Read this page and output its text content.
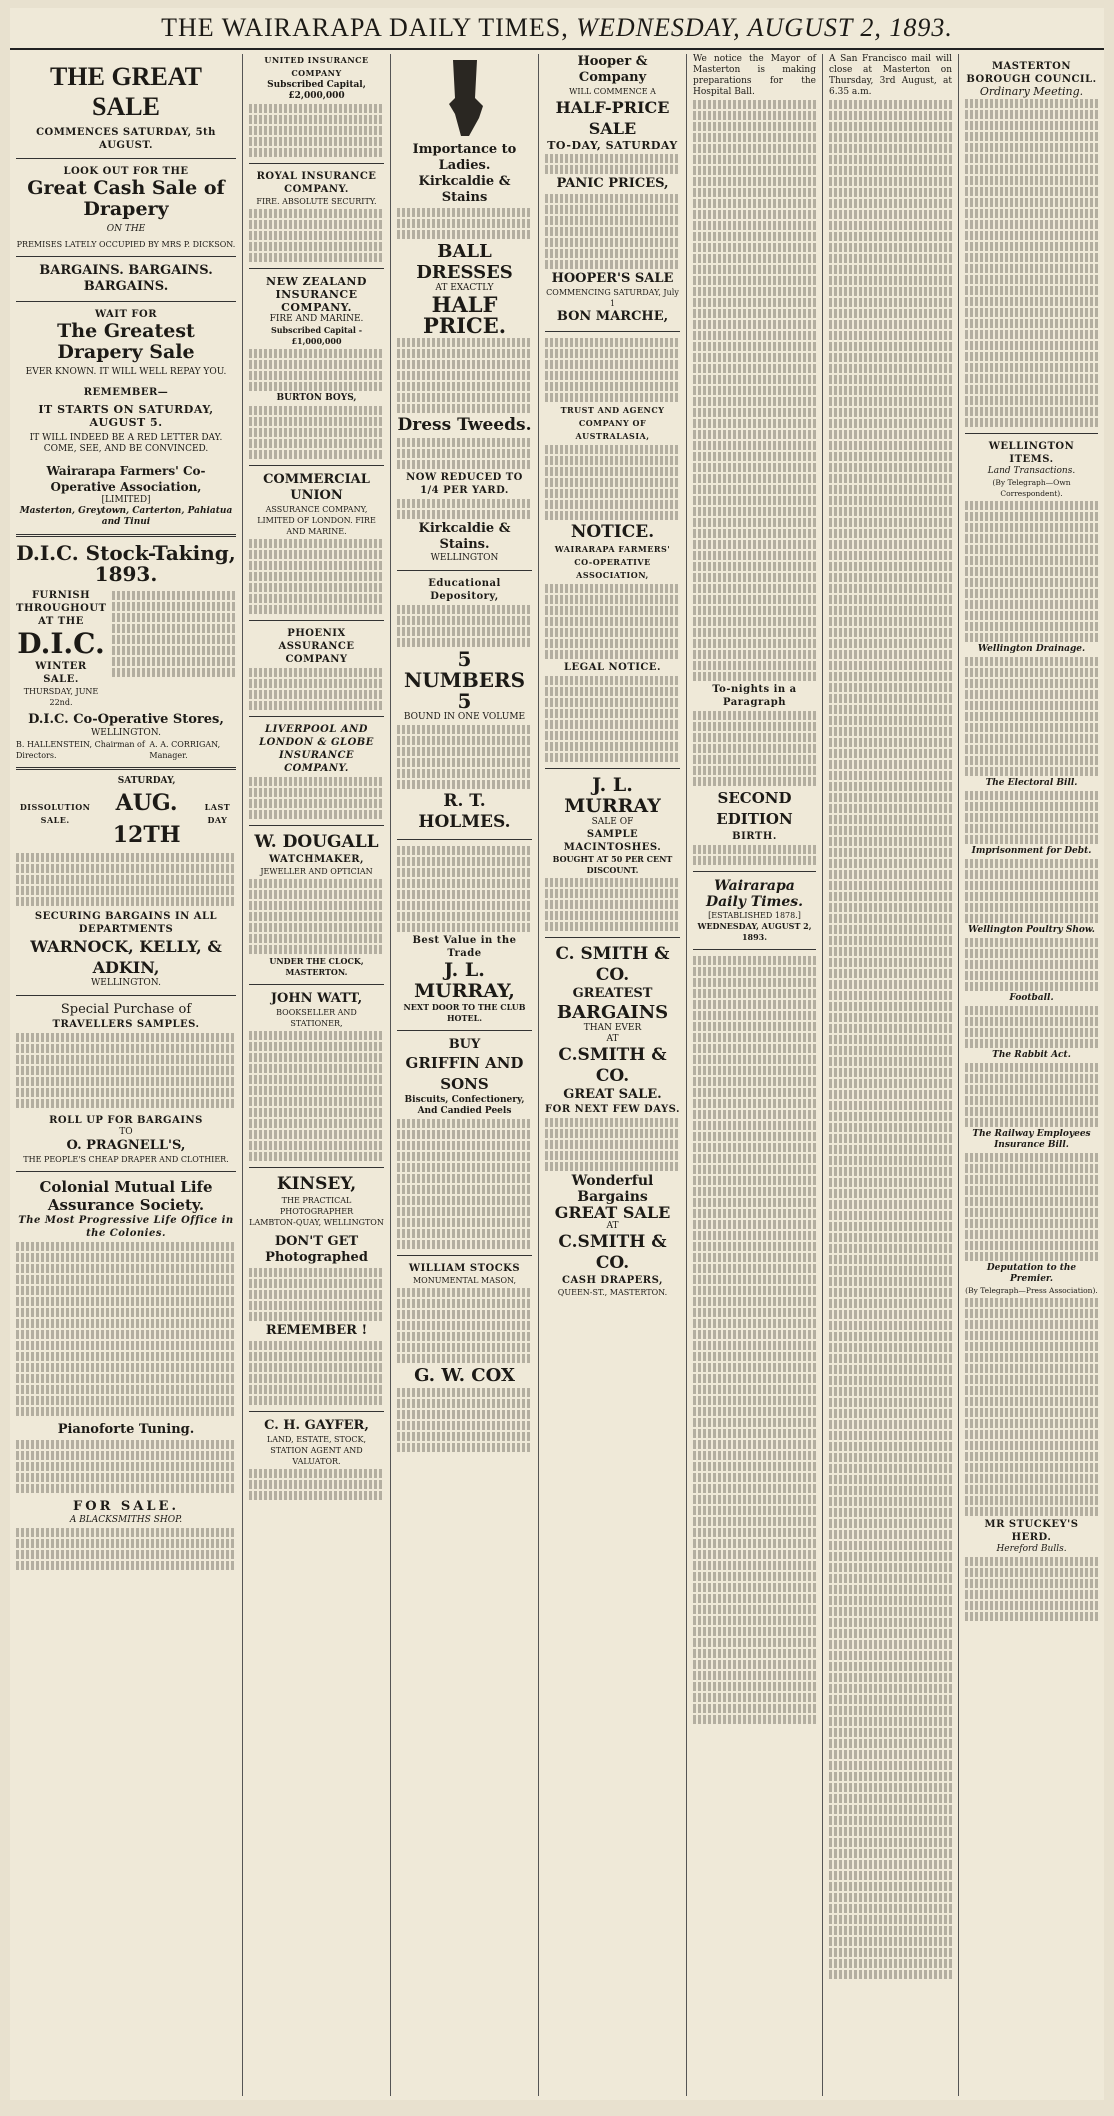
THE WAIRARAPA DAILY TIMES, WEDNESDAY, AUGUST 2, 1893.
THE GREAT SALE
COMMENCES SATURDAY, 5th AUGUST.
LOOK OUT FOR THE
Great Cash Sale of Drapery
ON THE
PREMISES LATELY OCCUPIED BY MRS P. DICKSON.
BARGAINS. BARGAINS. BARGAINS.
WAIT FOR
The Greatest Drapery Sale
EVER KNOWN. IT WILL WELL REPAY YOU.
REMEMBER—
IT STARTS ON SATURDAY, AUGUST 5.
IT WILL INDEED BE A RED LETTER DAY. COME, SEE, AND BE CONVINCED.
Wairarapa Farmers' Co-Operative Association,
[LIMITED]
Masterton, Greytown, Carterton, Pahiatua and Tinui
D.I.C. Stock-Taking, 1893.
FURNISH THROUGHOUT AT THE
D.I.C.
WINTER SALE.
THURSDAY, JUNE 22nd.
D.I.C. Co-Operative Stores,
WELLINGTON.
B. HALLENSTEIN, Chairman of Directors.
A. A. CORRIGAN, Manager.
DISSOLUTION SALE.
SATURDAY,
AUG. 12TH
LAST DAY
SECURING BARGAINS IN ALL DEPARTMENTS
WARNOCK, KELLY, & ADKIN,
WELLINGTON.
Special Purchase of
TRAVELLERS SAMPLES.
ROLL UP FOR BARGAINS
TO
O. PRAGNELL'S,
THE PEOPLE'S CHEAP DRAPER AND CLOTHIER.
Colonial Mutual Life Assurance Society.
The Most Progressive Life Office in the Colonies.
Pianoforte Tuning.
FOR SALE.
A BLACKSMITHS SHOP.
UNITED INSURANCE COMPANY
Subscribed Capital, £2,000,000
ROYAL INSURANCE COMPANY.
FIRE. ABSOLUTE SECURITY.
NEW ZEALAND INSURANCE COMPANY.
FIRE AND MARINE.
Subscribed Capital - £1,000,000
BURTON BOYS,
COMMERCIAL UNION
ASSURANCE COMPANY, LIMITED OF LONDON. FIRE AND MARINE.
PHOENIX ASSURANCE COMPANY
LIVERPOOL AND LONDON & GLOBE INSURANCE COMPANY.
W. DOUGALL
WATCHMAKER,
JEWELLER AND OPTICIAN
UNDER THE CLOCK, MASTERTON.
JOHN WATT,
BOOKSELLER AND STATIONER,
KINSEY,
THE PRACTICAL PHOTOGRAPHER
LAMBTON-QUAY, WELLINGTON
DON'T GET Photographed
REMEMBER !
C. H. GAYFER,
LAND, ESTATE, STOCK, STATION AGENT AND VALUATOR.
Importance to Ladies.
Kirkcaldie & Stains
BALL DRESSES
AT EXACTLY
HALF PRICE.
Dress Tweeds.
NOW REDUCED TO 1/4 PER YARD.
Kirkcaldie & Stains.
WELLINGTON
Educational Depository,
5 NUMBERS 5
BOUND IN ONE VOLUME
R. T. HOLMES.
Best Value in the Trade
J. L. MURRAY,
NEXT DOOR TO THE CLUB HOTEL.
BUY
GRIFFIN AND SONS
Biscuits, Confectionery, And Candied Peels
WILLIAM STOCKS
MONUMENTAL MASON,
G. W. COX
Hooper & Company
WILL COMMENCE A
HALF-PRICE SALE
TO-DAY, SATURDAY
PANIC PRICES,
HOOPER'S SALE
COMMENCING SATURDAY, July 1
BON MARCHE,
TRUST AND AGENCY COMPANY OF AUSTRALASIA,
NOTICE.
WAIRARAPA FARMERS' CO-OPERATIVE ASSOCIATION,
LEGAL NOTICE.
J. L. MURRAY
SALE OF
SAMPLE MACINTOSHES.
BOUGHT AT 50 PER CENT DISCOUNT.
C. SMITH & CO.
GREATEST
BARGAINS
THAN EVER
AT
C.SMITH & CO.
GREAT SALE.
FOR NEXT FEW DAYS.
Wonderful Bargains
GREAT SALE
AT
C.SMITH & CO.
CASH DRAPERS,
QUEEN-ST., MASTERTON.
We notice the Mayor of Masterton is making preparations for the Hospital Ball.
To-nights in a Paragraph
SECOND EDITION
BIRTH.
Wairarapa Daily Times.
[ESTABLISHED 1878.]
WEDNESDAY, AUGUST 2, 1893.
A San Francisco mail will close at Masterton on Thursday, 3rd August, at 6.35 a.m.
MASTERTON BOROUGH COUNCIL.
Ordinary Meeting.
WELLINGTON ITEMS.
Land Transactions.
(By Telegraph—Own Correspondent).
Wellington Drainage.
The Electoral Bill.
Imprisonment for Debt.
Wellington Poultry Show.
Football.
The Rabbit Act.
The Railway Employees Insurance Bill.
Deputation to the Premier.
(By Telegraph—Press Association).
MR STUCKEY'S HERD.
Hereford Bulls.
